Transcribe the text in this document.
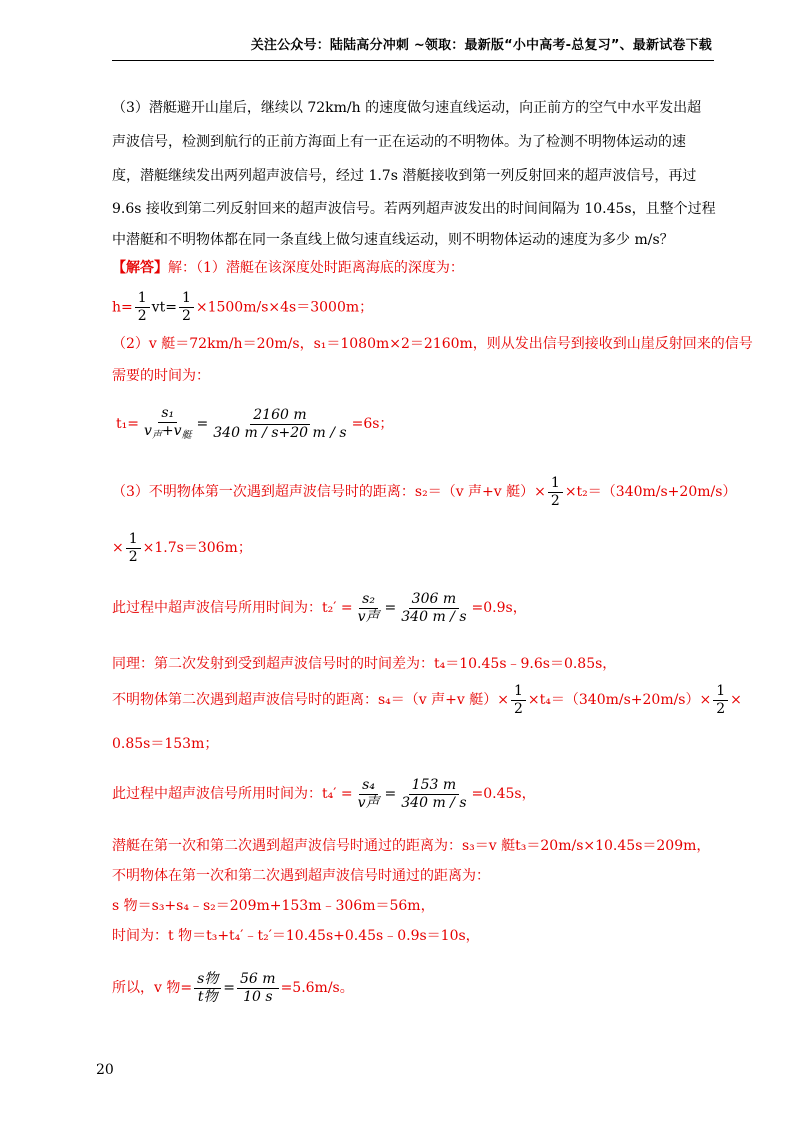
关注公众号：陆陆高分冲刺 ~领取：最新版“小中高考-总复习”、最新试卷下载
（3）潜艇避开山崖后，继续以 72km/h 的速度做匀速直线运动，向正前方的空气中水平发出超
声波信号，检测到航行的正前方海面上有一正在运动的不明物体。为了检测不明物体运动的速
度，潜艇继续发出两列超声波信号，经过 1.7s 潜艇接收到第一列反射回来的超声波信号，再过
9.6s 接收到第二列反射回来的超声波信号。若两列超声波发出的时间间隔为 10.45s，且整个过程
中潜艇和不明物体都在同一条直线上做匀速直线运动，则不明物体运动的速度为多少 m/s？
【解答】解：（1）潜艇在该深度处时距离海底的深度为：
$h= \frac{1}{2} vt= \frac{1}{2} \times 1500m/s\times 4s=3000m$；
（2）v 艇＝72km/h＝20m/s，s₁＝1080m×2＝2160m，则从发出信号到接收到山崖反射回来的信号
需要的时间为：
$t_1= \frac{\text{s₁}}{v_声+v_艇} = \frac{2160 m}{340 m / s+20 m / s} =6s$；
（3）不明物体第一次遇到超声波信号时的距离：s₂＝（v 声+v 艇）× $\frac{1}{2} \times t_2=(340m/s+20m/s)$
× $\frac{1}{2} \times 1.7s=306m$；
此过程中超声波信号所用时间为：$t_2' = \frac{\text{s₂}}{\text{v声}} = \frac{306 m}{340 m / s} =0.9s$，
同理：第二次发射到受到超声波信号时的时间差为：t₄＝10.45s﹣9.6s＝0.85s，
不明物体第二次遇到超声波信号时的距离：s₄＝（v 声+v 艇）× $\frac{1}{2} \times t_4=(340m/s+20m/s)\times \frac{1}{2}$ ×
0.85s＝153m；
此过程中超声波信号所用时间为：$t_4' = \frac{\text{s₄}}{\text{v声}} = \frac{153 m}{340 m / s} =0.45s$，
潜艇在第一次和第二次遇到超声波信号时通过的距离为：s₃＝v 艇t₃＝20m/s×10.45s＝209m，
不明物体在第一次和第二次遇到超声波信号时通过的距离为：
s 物＝s₃+s₄﹣s₂＝209m+153m﹣306m＝56m，
时间为：t 物＝t₃+t₄′﹣t₂′＝10.45s+0.45s﹣0.9s＝10s，
所以，v 物= $\frac{\text{s物}}{\text{t物}} = \frac{56 m}{10 s} =5.6m/s$。
20
